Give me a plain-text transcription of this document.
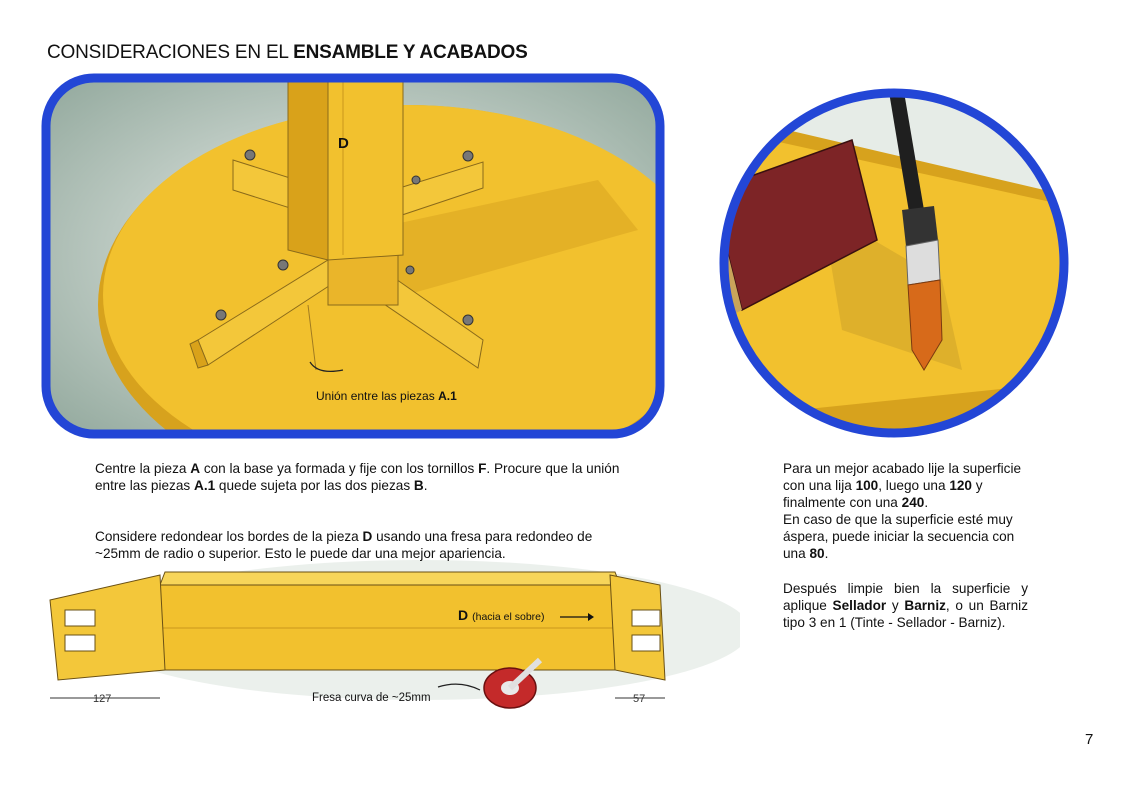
CONSIDERACIONES EN EL ENSAMBLE Y ACABADOS
D
Unión entre las piezas A.1
127	57
D (hacia el sobre)
Fresa curva de ~25mm
Centre la pieza A con la base ya formada y fije con los tornillos F. Procure que la unión entre las piezas A.1 quede sujeta por las dos piezas B.
Considere redondear los bordes de la pieza D usando una fresa para redondeo de ~25mm de radio o superior. Esto le puede dar una mejor apariencia.
Para un mejor acabado lije la superficie con una lija 100, luego una 120 y finalmente con una 240.
En caso de que la superficie esté muy áspera, puede iniciar la secuencia con una 80.
Después limpie bien la superficie y aplique Sellador y Barniz, o un Barniz tipo 3 en 1 (Tinte - Sellador - Barniz).
7
